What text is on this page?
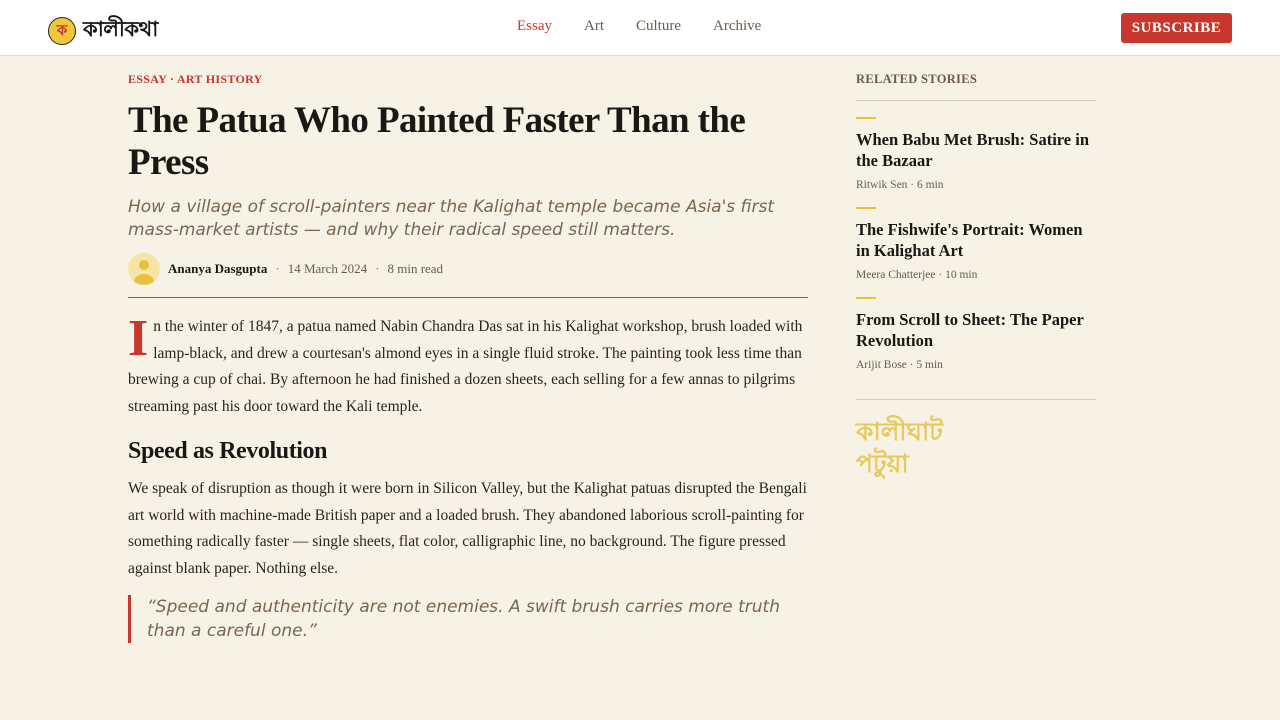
ক কালীকথা	Essay Art Culture Archive	SUBSCRIBE
ESSAY · ART HISTORY
The Patua Who Painted Faster Than the Press

How a village of scroll-painters near the Kalighat temple became Asia's first mass-market artists — and why their radical speed still matters.

Ananya Dasgupta · 14 March 2024 · 8 min read

In the winter of 1847, a patua named Nabin Chandra Das sat in his Kalighat workshop, brush loaded with lamp-black, and drew a courtesan's almond eyes in a single fluid stroke. The painting took less time than brewing a cup of chai. By afternoon he had finished a dozen sheets, each selling for a few annas to pilgrims streaming past his door toward the Kali temple.

Speed as Revolution

We speak of disruption as though it were born in Silicon Valley, but the Kalighat patuas disrupted the Bengali art world with machine-made British paper and a loaded brush. They abandoned laborious scroll-painting for something radically faster — single sheets, flat color, calligraphic line, no background. The figure pressed against blank paper. Nothing else.

“Speed and authenticity are not enemies. A swift brush carries more truth than a careful one.”
RELATED STORIES
When Babu Met Brush: Satire in the Bazaar
Ritwik Sen · 6 min
The Fishwife's Portrait: Women in Kalighat Art
Meera Chatterjee · 10 min
From Scroll to Sheet: The Paper Revolution
Arijit Bose · 5 min
কালীঘাট
পটুয়া
